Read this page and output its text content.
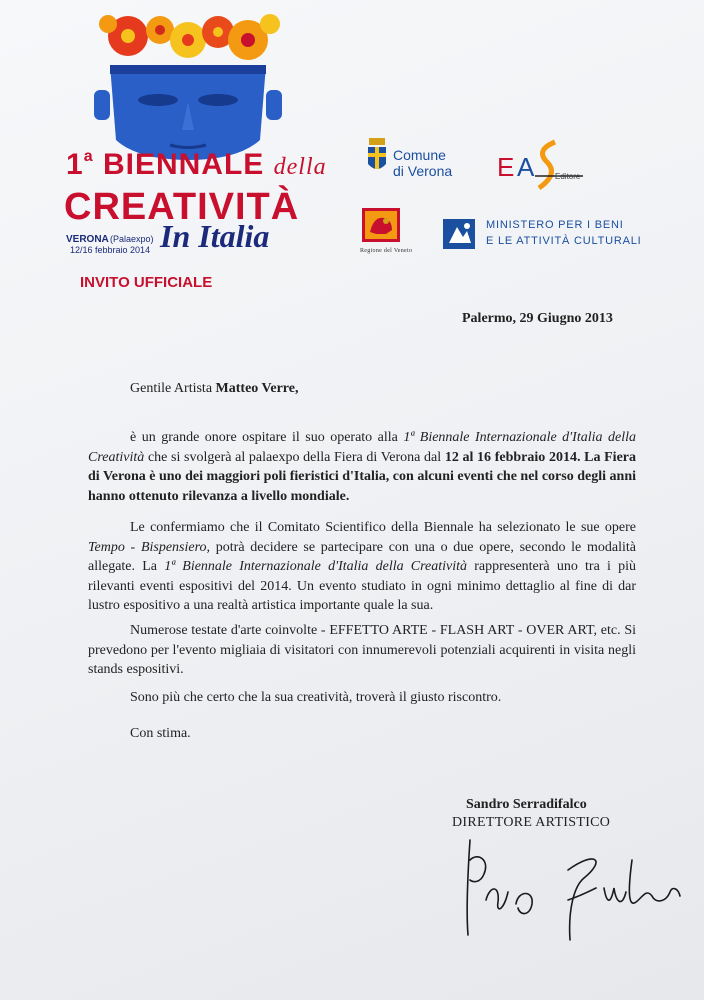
1$^a$ BIENNALE della
CREATIVITÀ
VERONA (Palaexpo)
12/16 febbraio 2014 In Italia
INVITO UFFICIALE
Comune
di Verona E A	Editore
Regione del Veneto
MINISTERO PER I BENI
E LE ATTIVITÀ CULTURALI
Palermo, 29 Giugno 2013
Gentile Artista Matteo Verre,
è un grande onore ospitare il suo operato alla 1ª Biennale Internazionale d'Italia della Creatività che si svolgerà al palaexpo della Fiera di Verona dal 12 al 16 febbraio 2014. La Fiera di Verona è uno dei maggiori poli fieristici d'Italia, con alcuni eventi che nel corso degli anni hanno ottenuto rilevanza a livello mondiale.
Le confermiamo che il Comitato Scientifico della Biennale ha selezionato le sue opere Tempo - Bispensiero, potrà decidere se partecipare con una o due opere, secondo le modalità allegate. La 1ª Biennale Internazionale d'Italia della Creatività rappresenterà uno tra i più rilevanti eventi espositivi del 2014. Un evento studiato in ogni minimo dettaglio al fine di dar lustro espositivo a una realtà artistica importante quale la sua.
Numerose testate d'arte coinvolte - EFFETTO ARTE - FLASH ART - OVER ART, etc. Si prevedono per l'evento migliaia di visitatori con innumerevoli potenziali acquirenti in visita negli stands espositivi.
Sono più che certo che la sua creatività, troverà il giusto riscontro.
Con stima.
Sandro Serradifalco
DIRETTORE ARTISTICO
